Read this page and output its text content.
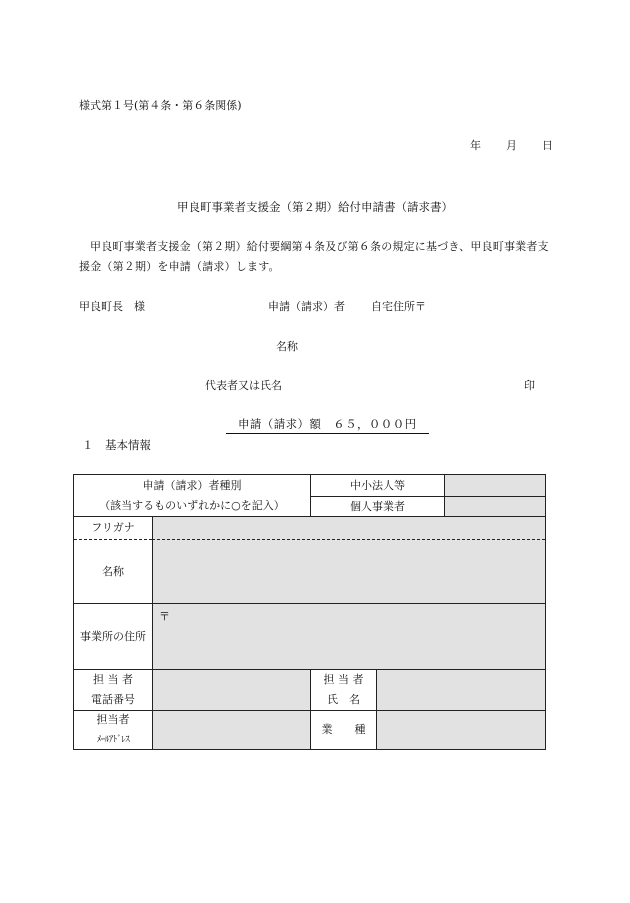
様式第１号(第４条・第６条関係)
年 月 日
甲良町事業者支援金（第２期）給付申請書（請求書）
甲良町事業者支援金（第２期）給付要綱第４条及び第６条の規定に基づき、甲良町事業者支援金（第２期）を申請（請求）します。
甲良町長　様	申請（請求）者 自宅住所〒
名称
代表者又は氏名	印
申請（請求）額　６５，０００円
１　基本情報
申請（請求）者種別
（該当するものいずれかに○を記入）
中小法人等
個人事業者
フリガナ
名称
事業所の住所
〒
担 当 者
電話番号
担 当 者
氏　名
担当者
ﾒｰﾙｱﾄﾞﾚｽ
業　　種
